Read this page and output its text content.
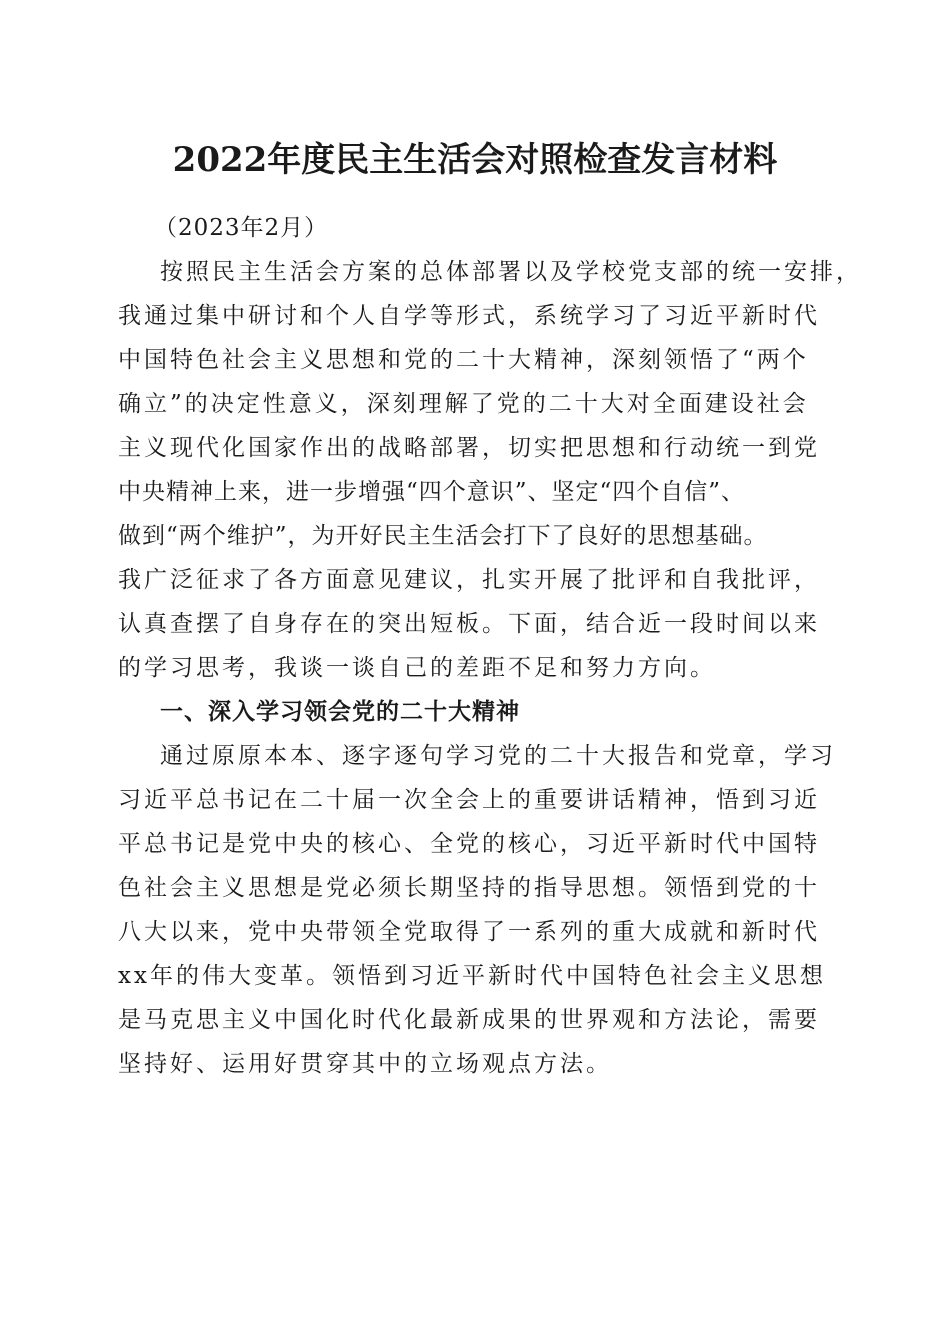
2022年度民主生活会对照检查发言材料
（2023年2月）
按照民主生活会方案的总体部署以及学校党支部的统一安排，
我通过集中研讨和个人自学等形式，系统学习了习近平新时代
中国特色社会主义思想和党的二十大精神，深刻领悟了“两个
确立”的决定性意义，深刻理解了党的二十大对全面建设社会
主义现代化国家作出的战略部署，切实把思想和行动统一到党
中央精神上来，进一步增强“四个意识”、坚定“四个自信”、
做到“两个维护”，为开好民主生活会打下了良好的思想基础。
我广泛征求了各方面意见建议，扎实开展了批评和自我批评，
认真查摆了自身存在的突出短板。下面，结合近一段时间以来
的学习思考，我谈一谈自己的差距不足和努力方向。
一、深入学习领会党的二十大精神
通过原原本本、逐字逐句学习党的二十大报告和党章，学习
习近平总书记在二十届一次全会上的重要讲话精神，悟到习近
平总书记是党中央的核心、全党的核心，习近平新时代中国特
色社会主义思想是党必须长期坚持的指导思想。领悟到党的十
八大以来，党中央带领全党取得了一系列的重大成就和新时代
xx年的伟大变革。领悟到习近平新时代中国特色社会主义思想
是马克思主义中国化时代化最新成果的世界观和方法论，需要
坚持好、运用好贯穿其中的立场观点方法。
